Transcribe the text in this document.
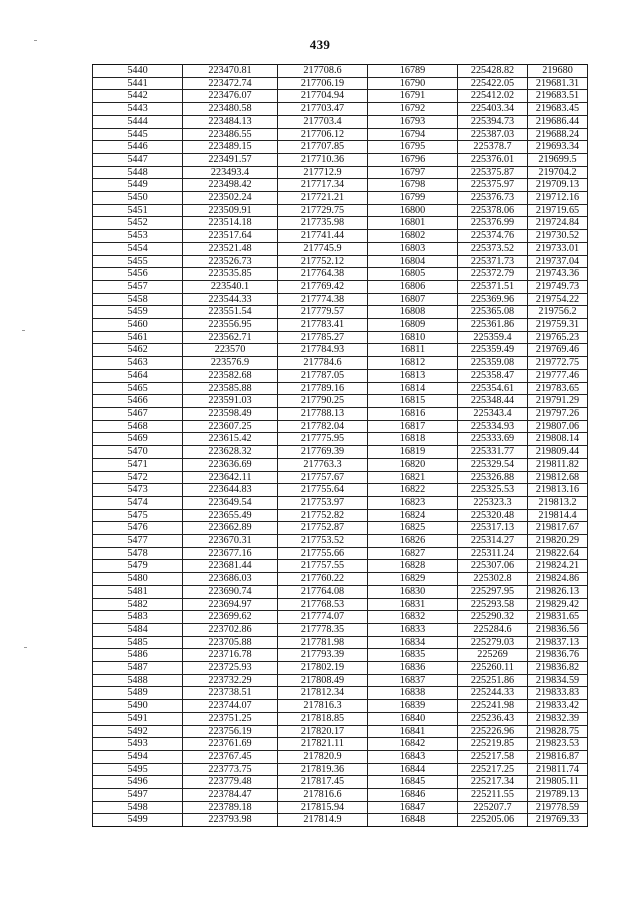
439
5440	223470.81	217708.6	16789	225428.82	219680
5441	223472.74	217706.19	16790	225422.05	219681.31
5442	223476.07	217704.94	16791	225412.02	219683.51
5443	223480.58	217703.47	16792	225403.34	219683.45
5444	223484.13	217703.4	16793	225394.73	219686.44
5445	223486.55	217706.12	16794	225387.03	219688.24
5446	223489.15	217707.85	16795	225378.7	219693.34
5447	223491.57	217710.36	16796	225376.01	219699.5
5448	223493.4	217712.9	16797	225375.87	219704.2
5449	223498.42	217717.34	16798	225375.97	219709.13
5450	223502.24	217721.21	16799	225376.73	219712.16
5451	223509.91	217729.75	16800	225378.06	219719.65
5452	223514.18	217735.98	16801	225376.99	219724.84
5453	223517.64	217741.44	16802	225374.76	219730.52
5454	223521.48	217745.9	16803	225373.52	219733.01
5455	223526.73	217752.12	16804	225371.73	219737.04
5456	223535.85	217764.38	16805	225372.79	219743.36
5457	223540.1	217769.42	16806	225371.51	219749.73
5458	223544.33	217774.38	16807	225369.96	219754.22
5459	223551.54	217779.57	16808	225365.08	219756.2
5460	223556.95	217783.41	16809	225361.86	219759.31
5461	223562.71	217785.27	16810	225359.4	219765.23
5462	223570	217784.93	16811	225359.49	219769.46
5463	223576.9	217784.6	16812	225359.08	219772.75
5464	223582.68	217787.05	16813	225358.47	219777.46
5465	223585.88	217789.16	16814	225354.61	219783.65
5466	223591.03	217790.25	16815	225348.44	219791.29
5467	223598.49	217788.13	16816	225343.4	219797.26
5468	223607.25	217782.04	16817	225334.93	219807.06
5469	223615.42	217775.95	16818	225333.69	219808.14
5470	223628.32	217769.39	16819	225331.77	219809.44
5471	223636.69	217763.3	16820	225329.54	219811.82
5472	223642.11	217757.67	16821	225326.88	219812.68
5473	223644.83	217755.64	16822	225325.53	219813.16
5474	223649.54	217753.97	16823	225323.3	219813.2
5475	223655.49	217752.82	16824	225320.48	219814.4
5476	223662.89	217752.87	16825	225317.13	219817.67
5477	223670.31	217753.52	16826	225314.27	219820.29
5478	223677.16	217755.66	16827	225311.24	219822.64
5479	223681.44	217757.55	16828	225307.06	219824.21
5480	223686.03	217760.22	16829	225302.8	219824.86
5481	223690.74	217764.08	16830	225297.95	219826.13
5482	223694.97	217768.53	16831	225293.58	219829.42
5483	223699.62	217774.07	16832	225290.32	219831.65
5484	223702.86	217778.35	16833	225284.6	219836.56
5485	223705.88	217781.98	16834	225279.03	219837.13
5486	223716.78	217793.39	16835	225269	219836.76
5487	223725.93	217802.19	16836	225260.11	219836.82
5488	223732.29	217808.49	16837	225251.86	219834.59
5489	223738.51	217812.34	16838	225244.33	219833.83
5490	223744.07	217816.3	16839	225241.98	219833.42
5491	223751.25	217818.85	16840	225236.43	219832.39
5492	223756.19	217820.17	16841	225226.96	219828.75
5493	223761.69	217821.11	16842	225219.85	219823.53
5494	223767.45	217820.9	16843	225217.58	219816.87
5495	223773.75	217819.36	16844	225217.25	219811.74
5496	223779.48	217817.45	16845	225217.34	219805.11
5497	223784.47	217816.6	16846	225211.55	219789.13
5498	223789.18	217815.94	16847	225207.7	219778.59
5499	223793.98	217814.9	16848	225205.06	219769.33
